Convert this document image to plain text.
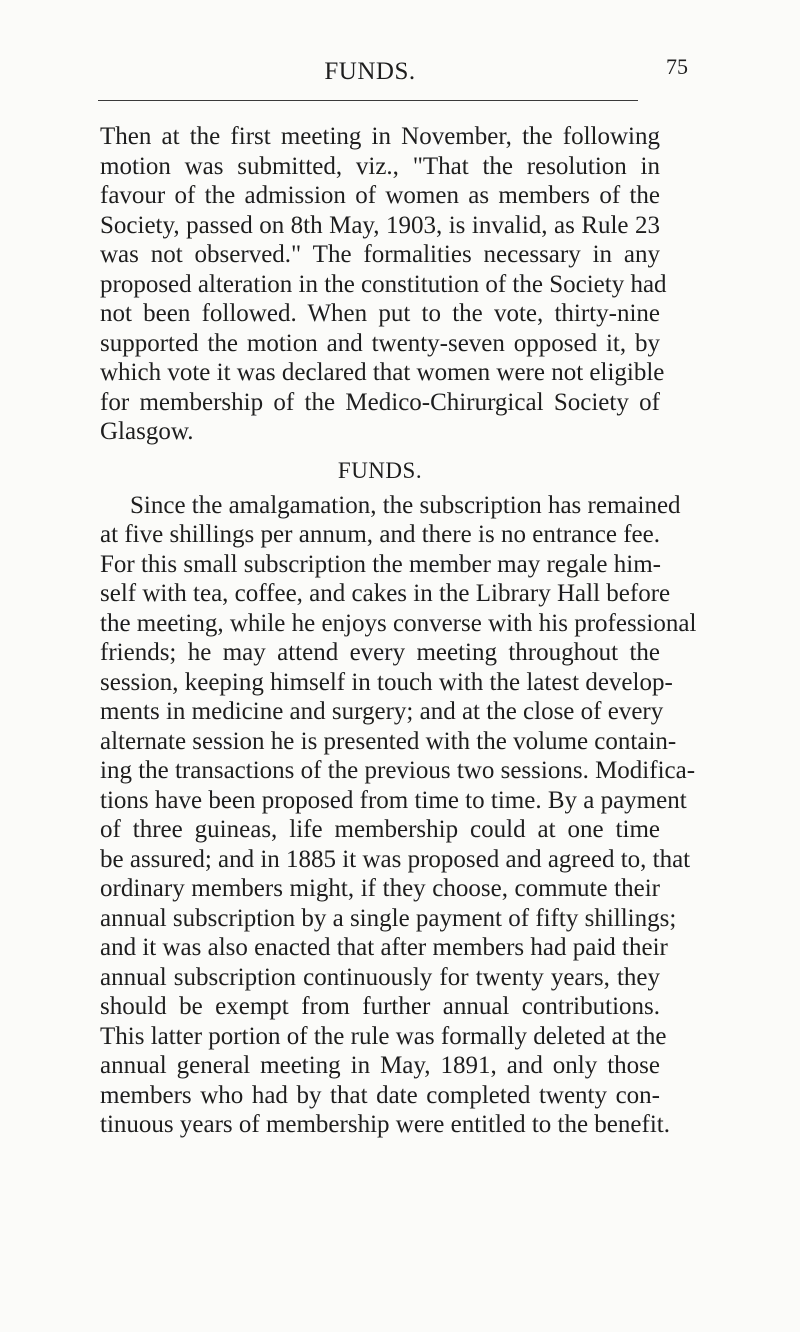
FUNDS.	75
Then at the first meeting in November, the following
motion was submitted, viz., "That the resolution in
favour of the admission of women as members of the
Society, passed on 8th May, 1903, is invalid, as Rule 23
was not observed." The formalities necessary in any
proposed alteration in the constitution of the Society had
not been followed. When put to the vote, thirty-nine
supported the motion and twenty-seven opposed it, by
which vote it was declared that women were not eligible
for membership of the Medico-Chirurgical Society of
Glasgow.
FUNDS.
Since the amalgamation, the subscription has remained
at five shillings per annum, and there is no entrance fee.
For this small subscription the member may regale him-
self with tea, coffee, and cakes in the Library Hall before
the meeting, while he enjoys converse with his professional
friends; he may attend every meeting throughout the
session, keeping himself in touch with the latest develop-
ments in medicine and surgery; and at the close of every
alternate session he is presented with the volume contain-
ing the transactions of the previous two sessions. Modifica-
tions have been proposed from time to time. By a payment
of three guineas, life membership could at one time
be assured; and in 1885 it was proposed and agreed to, that
ordinary members might, if they choose, commute their
annual subscription by a single payment of fifty shillings;
and it was also enacted that after members had paid their
annual subscription continuously for twenty years, they
should be exempt from further annual contributions.
This latter portion of the rule was formally deleted at the
annual general meeting in May, 1891, and only those
members who had by that date completed twenty con-
tinuous years of membership were entitled to the benefit.
